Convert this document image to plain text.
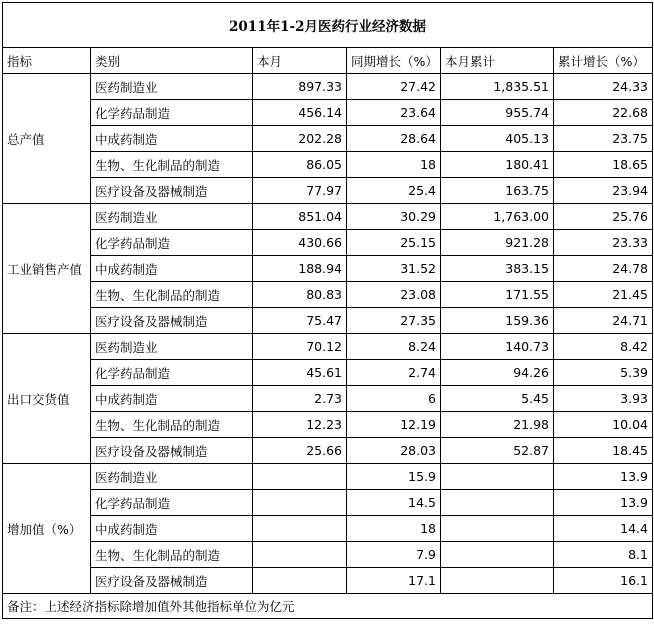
2011年1-2月医药行业经济数据					
指标	类别	本月	同期增长（%）	本月累计	累计增长（%）
总产值	医药制造业	897.33	27.42	1,835.51	24.33
	化学药品制造	456.14	23.64	955.74	22.68
	中成药制造	202.28	28.64	405.13	23.75
	生物、生化制品的制造	86.05	18	180.41	18.65
	医疗设备及器械制造	77.97	25.4	163.75	23.94
工业销售产值	医药制造业	851.04	30.29	1,763.00	25.76
	化学药品制造	430.66	25.15	921.28	23.33
	中成药制造	188.94	31.52	383.15	24.78
	生物、生化制品的制造	80.83	23.08	171.55	21.45
	医疗设备及器械制造	75.47	27.35	159.36	24.71
出口交货值	医药制造业	70.12	8.24	140.73	8.42
	化学药品制造	45.61	2.74	94.26	5.39
	中成药制造	2.73	6	5.45	3.93
	生物、生化制品的制造	12.23	12.19	21.98	10.04
	医疗设备及器械制造	25.66	28.03	52.87	18.45
增加值（%）	医药制造业		15.9		13.9
	化学药品制造		14.5		13.9
	中成药制造		18		14.4
	生物、生化制品的制造		7.9		8.1
	医疗设备及器械制造		17.1		16.1
备注：上述经济指标除增加值外其他指标单位为亿元					
